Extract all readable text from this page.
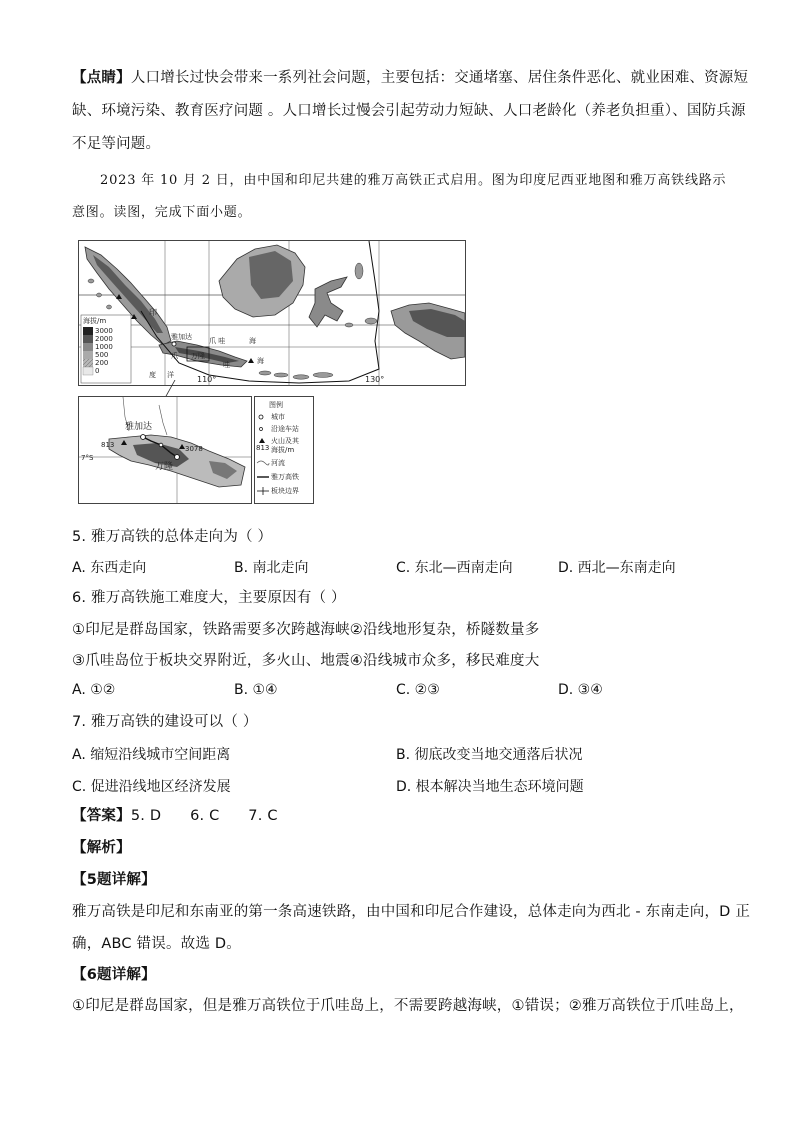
【点睛】人口增长过快会带来一系列社会问题，主要包括：交通堵塞、居住条件恶化、就业困难、资源短
缺、环境污染、教育医疗问题 。人口增长过慢会引起劳动力短缺、人口老龄化（养老负担重）、国防兵源
不足等问题。
2023 年 10 月 2 日，由中国和印尼共建的雅万高铁正式启用。图为印度尼西亚地图和雅万高铁线路示
意图。读图，完成下面小题。
印
雅加达
爪 万隆
哇
爪 哇	海
度 洋
海
海拔/m
3000
2000
1000
500
200
0
110°	130°
雅加达
万隆
813	3078
7°S
图例
城市
沿途车站
813
火山及其
海拔/m
河流
雅万高铁
板块边界
5. 雅万高铁的总体走向为（ ）
A. 东西走向	B. 南北走向	C. 东北—西南走向	D. 西北—东南走向
6. 雅万高铁施工难度大，主要原因有（ ）
①印尼是群岛国家，铁路需要多次跨越海峡②沿线地形复杂，桥隧数量多
③爪哇岛位于板块交界附近，多火山、地震④沿线城市众多，移民难度大
A. ①②	B. ①④	C. ②③	D. ③④
7. 雅万高铁的建设可以（ ）
A. 缩短沿线城市空间距离	B. 彻底改变当地交通落后状况
C. 促进沿线地区经济发展	D. 根本解决当地生态环境问题
【答案】5. D      6. C      7. C
【解析】
【5题详解】
雅万高铁是印尼和东南亚的第一条高速铁路，由中国和印尼合作建设，总体走向为西北 - 东南走向，D 正
确，ABC 错误。故选 D。
【6题详解】
①印尼是群岛国家，但是雅万高铁位于爪哇岛上，不需要跨越海峡，①错误；②雅万高铁位于爪哇岛上，
